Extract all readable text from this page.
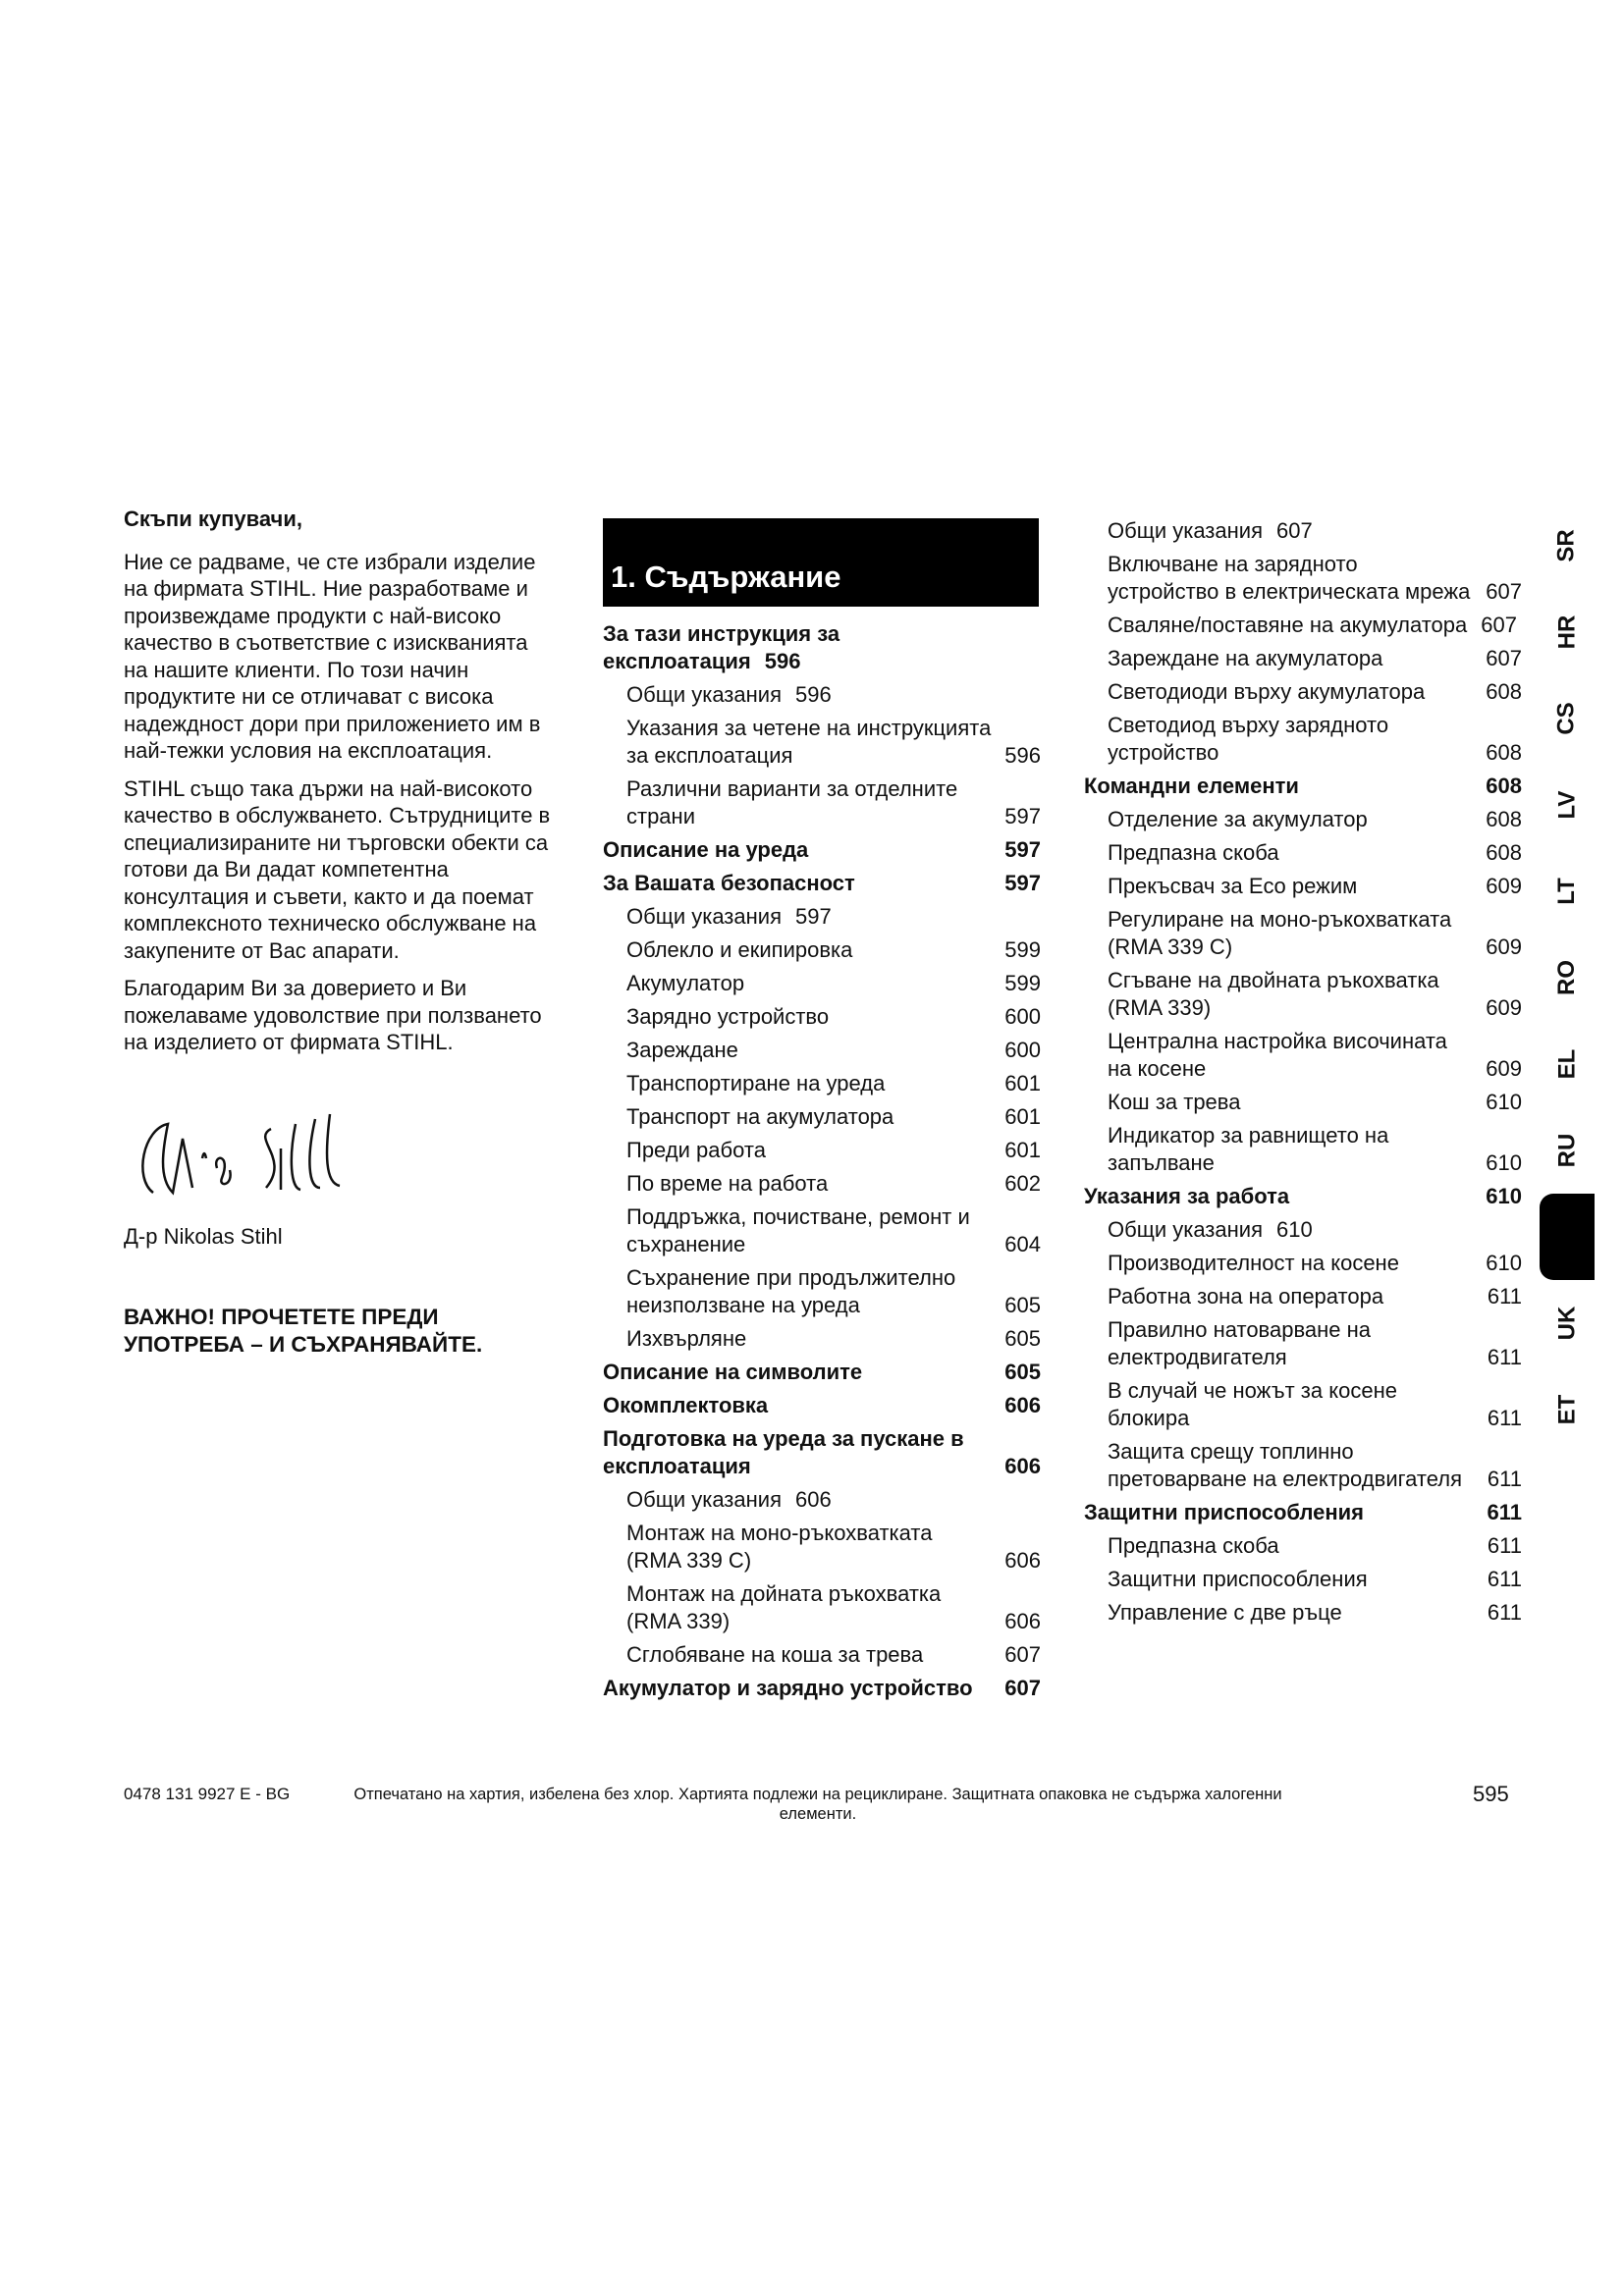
Скъпи купувачи,

Ние се радваме, че сте избрали изделие на фирмата STIHL. Ние разработваме и произвеждаме продукти с най-високо качество в съответствие с изискванията на нашите клиенти. По този начин продуктите ни се отличават с висока надеждност дори при приложението им в най-тежки условия на експлоатация.

STIHL също така държи на най-високото качество в обслужването. Сътрудниците в специализираните ни търговски обекти са готови да Ви дадат компетентна консултация и съвети, както и да поемат комплексното техническо обслужване на закупените от Вас апарати.

Благодарим Ви за доверието и Ви пожелаваме удоволствие при ползването на изделието от фирмата STIHL.

Д-р Nikolas Stihl

ВАЖНО! ПРОЧЕТЕТЕ ПРЕДИ УПОТРЕБА – И СЪХРАНЯВАЙТЕ.

1. Съдържание
За тази инструкция за експлоатация 596
Общи указания 596
Указания за четене на инструкцията за експлоатация	596
Различни варианти за отделните страни	597
Описание на уреда	597
За Вашата безопасност	597
Общи указания 597
Облекло и екипировка	599
Акумулатор	599
Зарядно устройство	600
Зареждане	600
Транспортиране на уреда	601
Транспорт на акумулатора	601
Преди работа	601
По време на работа	602
Поддръжка, почистване, ремонт и съхранение	604
Съхранение при продължително неизползване на уреда	605
Изхвърляне	605
Описание на символите	605
Окомплектовка	606
Подготовка на уреда за пускане в експлоатация	606
Общи указания 606
Монтаж на моно-ръкохватката (RMA 339 C)	606
Монтаж на дойната ръкохватка (RMA 339)	606
Сглобяване на коша за трева	607
Акумулатор и зарядно устройство	607
Общи указания 607
Включване на зарядното устройство в електрическата мрежа 607
Сваляне/поставяне на акумулатора 607
Зареждане на акумулатора	607
Светодиоди върху акумулатора	608
Светодиод върху зарядното устройство	608
Командни елементи	608
Отделение за акумулатор	608
Предпазна скоба	608
Прекъсвач за Eco режим	609
Регулиране на моно-ръкохватката (RMA 339 C)	609
Сгъване на двойната ръкохватка (RMA 339)	609
Централна настройка височината на косене	609
Кош за трева	610
Индикатор за равнището на запълване	610
Указания за работа	610
Общи указания 610
Производителност на косене	610
Работна зона на оператора	611
Правилно натоварване на електродвигателя	611
В случай че ножът за косене блокира	611
Защита срещу топлинно претоварване на електродвигателя	611
Защитни приспособления	611
Предпазна скоба	611
Защитни приспособления	611
Управление с две ръце	611
SR
HR
CS
LV
LT
RO
EL
RU
BG
UK
ET
0478 131 9927 E - BG	Отпечатано на хартия, избелена без хлор. Хартията подлежи на рециклиране. Защитната опаковка не съдържа халогенни елементи.
595
